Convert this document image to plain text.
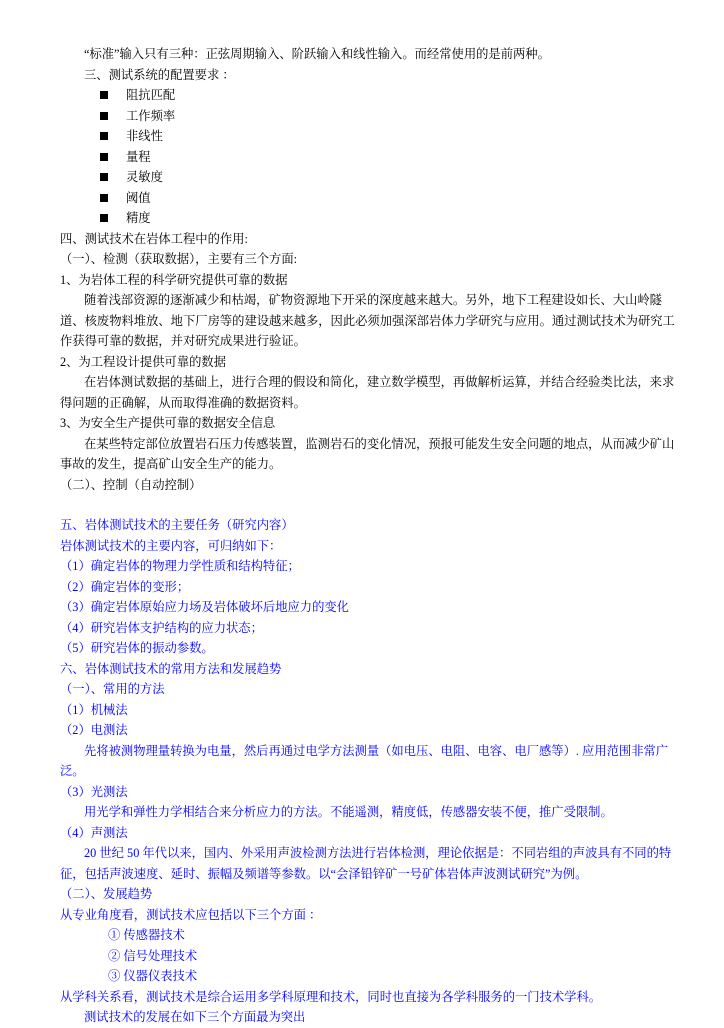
“标准”输入只有三种：正弦周期输入、阶跃输入和线性输入。而经常使用的是前两种。

三、测试系统的配置要求 ：

阻抗匹配
工作频率
非线性
量程
灵敏度
阈值
精度

四、测试技术在岩体工程中的作用:

（一）、检测（获取数据），主要有三个方面:

1、为岩体工程的科学研究提供可靠的数据

随着浅部资源的逐渐减少和枯竭，矿物资源地下开采的深度越来越大。另外，地下工程建设如长、大山岭隧道、核废物料堆放、地下厂房等的建设越来越多，因此必须加强深部岩体力学研究与应用。通过测试技术为研究工作获得可靠的数据，并对研究成果进行验证。

2、为工程设计提供可靠的数据

在岩体测试数据的基础上，进行合理的假设和简化，建立数学模型，再做解析运算，并结合经验类比法，来求得问题的正确解，从而取得准确的数据资料。

3、为安全生产提供可靠的数据安全信息

在某些特定部位放置岩石压力传感装置，监测岩石的变化情况，预报可能发生安全问题的地点，从而减少矿山事故的发生，提高矿山安全生产的能力。

（二）、控制（自动控制）

五、岩体测试技术的主要任务（研究内容）

岩体测试技术的主要内容，可归纳如下：

（1）确定岩体的物理力学性质和结构特征；

（2）确定岩体的变形；

（3）确定岩体原始应力场及岩体破坏后地应力的变化

（4）研究岩体支护结构的应力状态；

（5）研究岩体的振动参数。

六、岩体测试技术的常用方法和发展趋势

（一）、常用的方法

（1）机械法

（2）电测法

先将被测物理量转换为电量，然后再通过电学方法测量（如电压、电阻、电容、电厂感等）. 应用范围非常广泛。

（3）光测法

用光学和弹性力学相结合来分析应力的方法。不能遥测，精度低，传感器安装不便，推广受限制。

（4）声测法

20 世纪 50 年代以来，国内、外采用声波检测方法进行岩体检测，理论依据是：不同岩组的声波具有不同的特征，包括声波速度、延时、振幅及频谱等参数。以“会泽铅锌矿一号矿体岩体声波测试研究”为例。

（二）、发展趋势

从专业角度看，测试技术应包括以下三个方面 ：

① 传感器技术

② 信号处理技术

③ 仪器仪表技术

从学科关系看，测试技术是综合运用多学科原理和技术，同时也直接为各学科服务的一门技术学科。

测试技术的发展在如下三个方面最为突出
